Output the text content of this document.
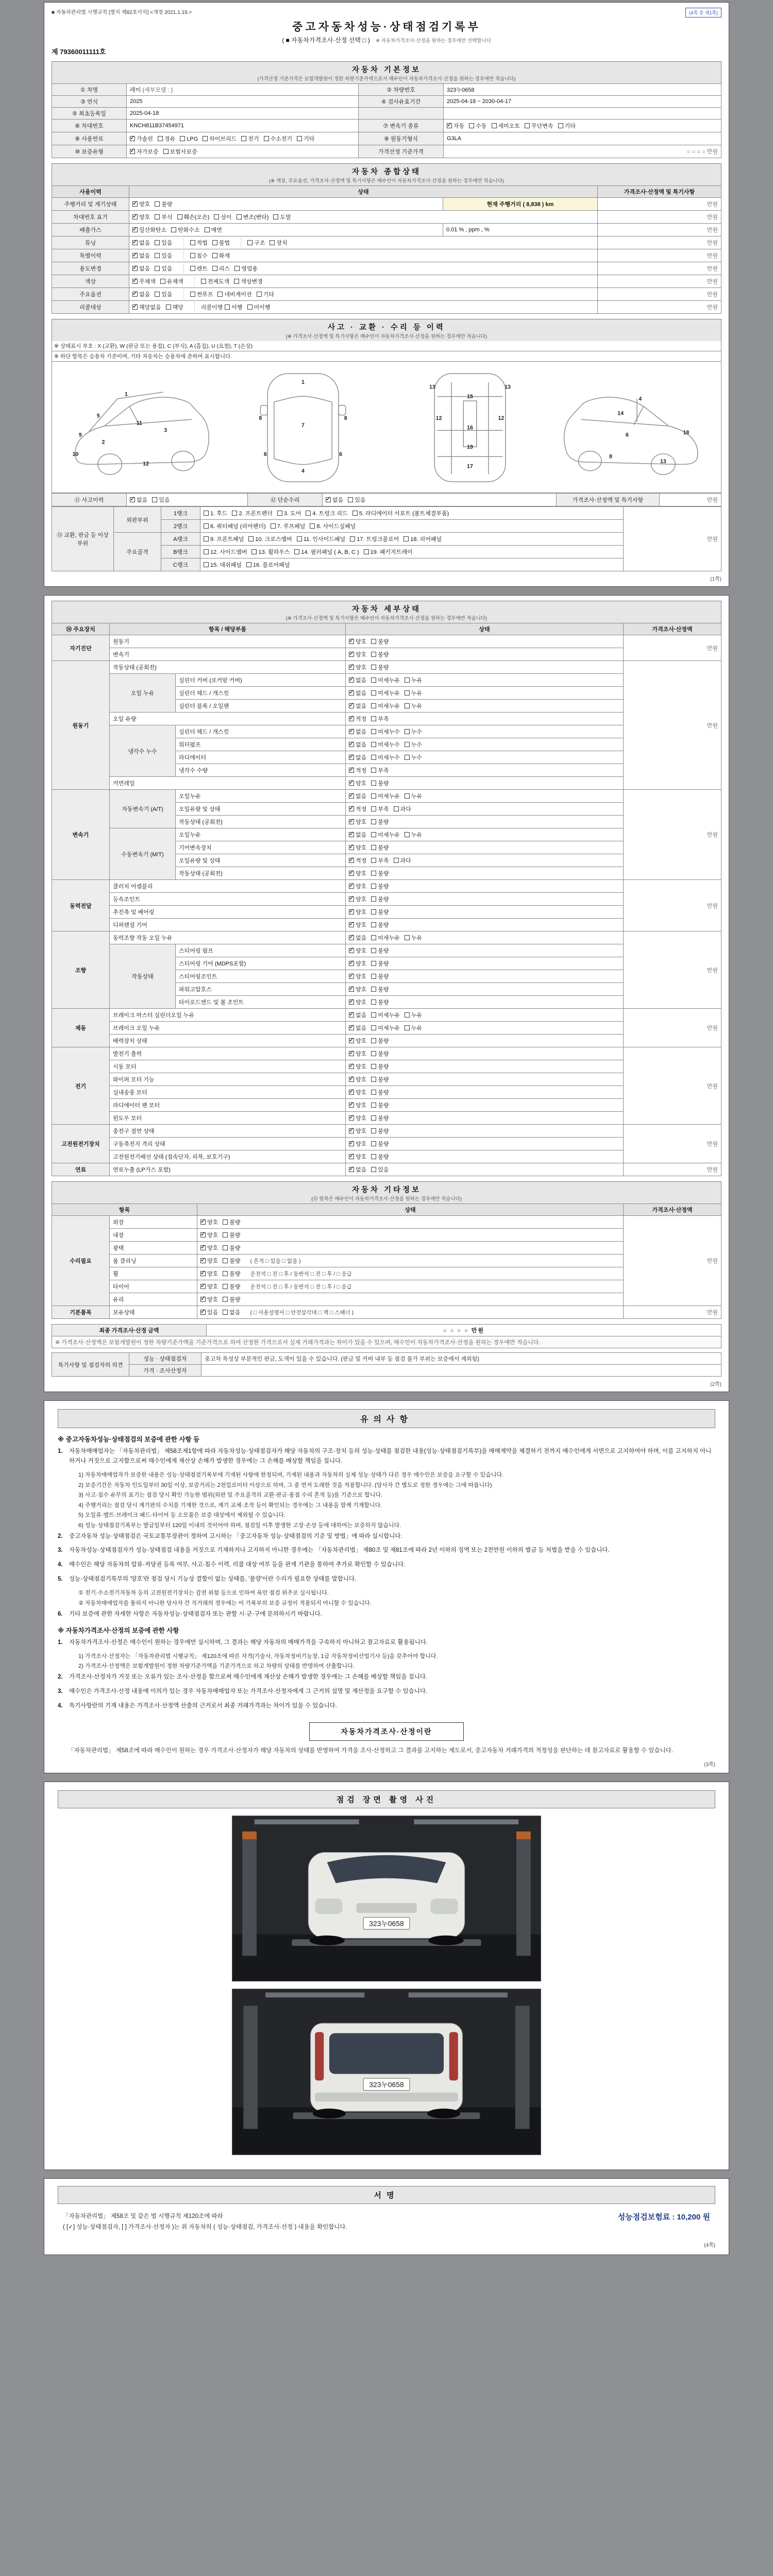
■ 자동차관리법 시행규칙 [별지 제82호서식] <개정 2021.1.19.>	(4쪽 중 제1쪽)
중고자동차성능·상태점검기록부
( ■ 자동차가격조사·산정 선택 □ ) ※ 자동차가격조사·산정을 원하는 경우에만 선택합니다
제 79360011111호
자동차 기본정보
(가격산정 기준가격은 보험개발원이 정한 차량기준가액으로서 매수인이 자동차가격조사·산정을 원하는 경우에만 적습니다)
① 차명	레이 (세부모델 : )	② 차량번호	323누0658
③ 연식	2025	④ 검사유효기간	2025-04-18 ~ 2030-04-17
⑤ 최초등록일	2025-04-18		
⑥ 차대번호	KNCH811B37454971	⑦ 변속기 종류	✓자동 수동 세미오토 무단변속 기타
⑧ 사용연료	✓가솔린 경유 LPG 하이브리드 전기 수소전기 기타	⑨ 원동기형식	G3LA
⑩ 보증유형	✓자가보증 보험사보증	가격산정 기준가격	○ ○ ○ ○ 만원
자동차 종합상태
(※ 색상, 주요옵션, 가격조사·산정액 및 특기사항은 매수인이 자동차가격조사·산정을 원하는 경우에만 적습니다)
사용이력	상태		가격조사·산정액 및 특기사항
주행거리 및 계기상태	✓양호 불량	현재 주행거리 ( 8,838 ) km	만원
차대번호 표기	✓양호 부식 훼손(오손) 상이 변조(변타) 도말		만원
배출가스	✓일산화탄소 탄화수소 매연	0.01 % , ppm , %	만원
튜닝	✓없음 있음 적법 불법 구조 장치		만원
특별이력	✓없음 있음 침수 화재		만원
용도변경	✓없음 있음 렌트 리스 영업용		만원
색상	✓무채색 유채색 전체도색 색상변경		만원
주요옵션	✓없음 있음 썬루프 네비게이션 기타		만원
리콜대상	✓해당없음 해당 리콜이행 이행 미이행		만원
사고 · 교환 · 수리 등 이력
(※ 가격조사·산정액 및 특기사항은 매수인이 자동차가격조사·산정을 원하는 경우에만 적습니다)
※ 상태표시 부호 : X (교환), W (판금 또는 용접), C (부식), A (흠집), U (요철), T (손상)
※ 하단 항목은 승용차 기준이며, 기타 자동차는 승용차에 준하여 표시합니다.
9
10
5
1
2
11
3
12
1
7
4
6	6
8	8
15
16
12	12
13	13
19
17
4
14
6	18
8
13
⑪ 사고이력	✓없음 있음	⑫ 단순수리	✓없음 있음	가격조사·산정액 및 특기사항	만원
⑬ 교환, 판금 등 이상 부위	외판부위	1랭크	1. 후드 2. 프론트펜더 3. 도어 4. 트렁크 리드 5. 라디에이터 서포트 (볼트체결부품)	만원
		2랭크	6. 쿼터패널 (리어펜더) 7. 루프패널 8. 사이드실패널	
	주요골격	A랭크	9. 프론트패널 10. 크로스멤버 11. 인사이드패널 17. 트렁크플로어 18. 리어패널	
		B랭크	12. 사이드멤버 13. 휠하우스 14. 필러패널 ( A, B, C ) 19. 패키지트레이	
		C랭크	15. 대쉬패널 16. 플로어패널	
(1쪽)
자동차 세부상태
(※ 가격조사·산정액 및 특기사항은 매수인이 자동차가격조사·산정을 원하는 경우에만 적습니다)
⑭ 주요장치	항목 / 해당부품		상태	가격조사·산정액
자기진단	원동기	✓양호 불량	만원
	변속기	✓양호 불량
원동기	작동상태 (공회전)	✓양호 불량	만원
	오일 누유	실린더 커버 (로커암 커버)	✓없음 미세누유 누유
		실린더 헤드 / 개스킷	✓없음 미세누유 누유
		실린더 블록 / 오일팬	✓없음 미세누유 누유
	오일 유량	✓적정 부족
	냉각수 누수	실린더 헤드 / 개스킷	✓없음 미세누수 누수
		워터펌프	✓없음 미세누수 누수
		라디에이터	✓없음 미세누수 누수
		냉각수 수량	✓적정 부족
	커먼레일	✓양호 불량
변속기	자동변속기 (A/T)	오일누유	✓없음 미세누유 누유	만원
		오일유량 및 상태	✓적정 부족 과다
		작동상태 (공회전)	✓양호 불량
	수동변속기 (M/T)	오일누유	✓없음 미세누유 누유
		기어변속장치	✓양호 불량
		오일유량 및 상태	✓적정 부족 과다
		작동상태 (공회전)	✓양호 불량
동력전달	클러치 어셈블리	✓양호 불량	만원
	등속조인트	✓양호 불량
	추진축 및 베어링	✓양호 불량
	디퍼렌셜 기어	✓양호 불량
조향	동력조향 작동 오일 누유	✓없음 미세누유 누유	만원
	작동상태	스티어링 펌프	✓양호 불량
		스티어링 기어 (MDPS포함)	✓양호 불량
		스티어링조인트	✓양호 불량
		파워고압호스	✓양호 불량
		타이로드엔드 및 볼 조인트	✓양호 불량
제동	브레이크 마스터 실린더오일 누유	✓없음 미세누유 누유	만원
	브레이크 오일 누유	✓없음 미세누유 누유
	배력장치 상태	✓양호 불량
전기	발전기 출력	✓양호 불량	만원
	시동 모터	✓양호 불량
	와이퍼 모터 기능	✓양호 불량
	실내송풍 모터	✓양호 불량
	라디에이터 팬 모터	✓양호 불량
	윈도우 모터	✓양호 불량
고전원전기장치	충전구 절연 상태	✓양호 불량	만원
	구동축전지 격리 상태	✓양호 불량
	고전원전기배선 상태 (접속단자, 피복, 보호기구)	✓양호 불량
연료	연료누출 (LP가스 포함)	✓없음 있음	만원
자동차 기타정보
(⑮ 항목은 매수인이 자동차가격조사·산정을 원하는 경우에만 적습니다)
항목		상태	가격조사·산정액
수리필요	외장	✓양호 불량	만원
	내장	✓양호 불량
	광택	✓양호 불량
	룸 클리닝	✓양호 불량 ( 흔적 □ 있음 □ 없음 )
	휠	✓양호 불량 운전석 □ 전 □ 후 / 동반석 □ 전 □ 후 / □ 응급
	타이어	✓양호 불량 운전석 □ 전 □ 후 / 동반석 □ 전 □ 후 / □ 응급
	유리	✓양호 불량
기본품목	보유상태	✓있음 없음 ( □ 사용설명서 □ 안전삼각대 □ 잭 □ 스패너 )	만원
최종 가격조사·산정 금액	○ ○ ○ ○ 만원
※ 가격조사·산정액은 보험개발원이 정한 차량기준가액을 기준가격으로 하여 산정한 가격으로서 실제 거래가격과는 차이가 있을 수 있으며, 매수인이 자동차가격조사·산정을 원하는 경우에만 적습니다.
특기사항 및 점검자의 의견	성능 · 상태점검자	중고차 특성상 부분적인 판금, 도색이 있을 수 있습니다. (판금 및 커버 내부 등 점검 불가 부위는 보증에서 제외됨)
	가격 · 조사산정자	
(2쪽)
유의사항
※ 중고자동차성능·상태점검의 보증에 관한 사항 등
1.	자동차매매업자는 「자동차관리법」 제58조제1항에 따라 자동차성능·상태점검자가 해당 자동차의 구조·장치 등의 성능·상태를 점검한 내용(성능·상태점검기록부)을 매매계약을 체결하기 전까지 매수인에게 서면으로 고지하여야 하며, 이를 고지하지 아니하거나 거짓으로 고지함으로써 매수인에게 재산상 손해가 발생한 경우에는 그 손해를 배상할 책임을 집니다.
1) 자동차매매업자가 보증한 내용은 성능·상태점검기록부에 기재된 사항에 한정되며, 기재된 내용과 자동차의 실제 성능·상태가 다른 경우 매수인은 보증을 요구할 수 있습니다.
2) 보증기간은 자동차 인도일부터 30일 이상, 보증거리는 2천킬로미터 이상으로 하며, 그 중 먼저 도래한 것을 적용합니다. (당사자 간 별도로 정한 경우에는 그에 따릅니다)
3) 사고·침수 유무의 표기는 점검 당시 확인 가능한 범위(외판 및 주요골격의 교환·판금·용접 수리 흔적 등)를 기준으로 합니다.
4) 주행거리는 점검 당시 계기판의 수치를 기재한 것으로, 계기 교체·조작 등이 확인되는 경우에는 그 내용을 함께 기재합니다.
5) 오일류·벨트·브레이크 패드·타이어 등 소모품은 보증 대상에서 제외될 수 있습니다.
6) 성능·상태점검기록부는 발급일부터 120일 이내의 것이어야 하며, 점검일 이후 발생한 고장·손상 등에 대하여는 보증하지 않습니다.
2.	중고자동차 성능·상태점검은 국토교통부장관이 정하여 고시하는 「중고자동차 성능·상태점검의 기준 및 방법」에 따라 실시합니다.
3.	자동차성능·상태점검자가 성능·상태점검 내용을 거짓으로 기재하거나 고지하지 아니한 경우에는 「자동차관리법」 제80조 및 제81조에 따라 2년 이하의 징역 또는 2천만원 이하의 벌금 등 처벌을 받을 수 있습니다.
4.	매수인은 해당 자동차의 압류·저당권 등록 여부, 사고·침수 이력, 리콜 대상 여부 등을 관계 기관을 통하여 추가로 확인할 수 있습니다.
5.	성능·상태점검기록부의 '양호'란 점검 당시 기능상 결함이 없는 상태를, '불량'이란 수리가 필요한 상태를 말합니다.
① 전기·수소전기자동차 등의 고전원전기장치는 감전 위험 등으로 인하여 육안 점검 위주로 실시됩니다.
② 자동차매매업자를 통하지 아니한 당사자 간 직거래의 경우에는 이 기록부의 보증 규정이 적용되지 아니할 수 있습니다.
6.	기타 보증에 관한 자세한 사항은 자동차성능·상태점검자 또는 관할 시·군·구에 문의하시기 바랍니다.
※ 자동차가격조사·산정의 보증에 관한 사항
1.	자동차가격조사·산정은 매수인이 원하는 경우에만 실시하며, 그 결과는 해당 자동차의 매매가격을 구속하지 아니하고 참고자료로 활용됩니다.
1) 가격조사·산정자는 「자동차관리법 시행규칙」 제120조에 따른 자격(기술사, 자동차정비기능장, 1급 자동차정비산업기사 등)을 갖추어야 합니다.
2) 가격조사·산정액은 보험개발원이 정한 차량기준가액을 기준가격으로 하고 차량의 상태를 반영하여 산출합니다.
2.	가격조사·산정자가 거짓 또는 오류가 있는 조사·산정을 함으로써 매수인에게 재산상 손해가 발생한 경우에는 그 손해를 배상할 책임을 집니다.
3.	매수인은 가격조사·산정 내용에 이의가 있는 경우 자동차매매업자 또는 가격조사·산정자에게 그 근거의 설명 및 재산정을 요구할 수 있습니다.
4.	특기사항란의 기재 내용은 가격조사·산정액 산출의 근거로서 최종 거래가격과는 차이가 있을 수 있습니다.
자동차가격조사·산정이란
「자동차관리법」 제58조에 따라 매수인이 원하는 경우 가격조사·산정자가 해당 자동차의 상태를 반영하여 가격을 조사·산정하고 그 결과를 고지하는 제도로서, 중고자동차 거래가격의 적정성을 판단하는 데 참고자료로 활용할 수 있습니다.
(3쪽)
점검 장면 촬영 사진
323누0658
323누0658
서명
「자동차관리법」 제58조 및 같은 법 시행규칙 제120조에 따라
( [✓] 성능·상태점검자, [ ] 가격조사·산정자 )는 위 자동차의 ( 성능·상태점검, 가격조사·산정 ) 내용을 확인합니다.
성능점검보험료 : 10,200 원
(4쪽)
